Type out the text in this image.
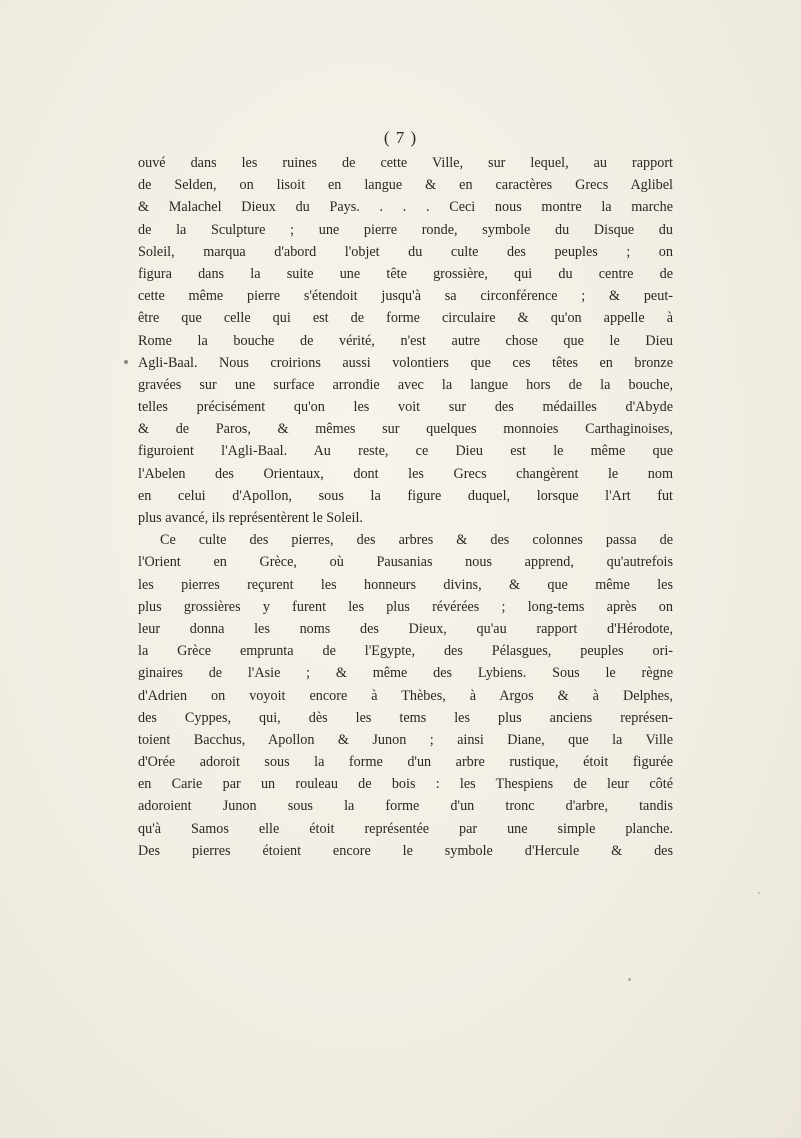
( 7 )
ouvé dans les ruines de cette Ville, sur lequel, au rapport
de Selden, on lisoit en langue & en caractères Grecs Aglibel
& Malachel Dieux du Pays. . . . Ceci nous montre la marche
de la Sculpture ; une pierre ronde, symbole du Disque du
Soleil, marqua d'abord l'objet du culte des peuples ; on
figura dans la suite une tête grossière, qui du centre de
cette même pierre s'étendoit jusqu'à sa circonférence ; & peut-
être que celle qui est de forme circulaire & qu'on appelle à
Rome la bouche de vérité, n'est autre chose que le Dieu
Agli-Baal. Nous croirions aussi volontiers que ces têtes en bronze
gravées sur une surface arrondie avec la langue hors de la bouche,
telles précisément qu'on les voit sur des médailles d'Abyde
& de Paros, & mêmes sur quelques monnoies Carthaginoises,
figuroient l'Agli-Baal. Au reste, ce Dieu est le même que
l'Abelen des Orientaux, dont les Grecs changèrent le nom
en celui d'Apollon, sous la figure duquel, lorsque l'Art fut
plus avancé, ils représentèrent le Soleil.
Ce culte des pierres, des arbres & des colonnes passa de
l'Orient en Grèce, où Pausanias nous apprend, qu'autrefois
les pierres reçurent les honneurs divins, & que même les
plus grossières y furent les plus révérées ; long-tems après on
leur donna les noms des Dieux, qu'au rapport d'Hérodote,
la Grèce emprunta de l'Egypte, des Pélasgues, peuples ori-
ginaires de l'Asie ; & même des Lybiens. Sous le règne
d'Adrien on voyoit encore à Thèbes, à Argos & à Delphes,
des Cyppes, qui, dès les tems les plus anciens représen-
toient Bacchus, Apollon & Junon ; ainsi Diane, que la Ville
d'Orée adoroit sous la forme d'un arbre rustique, étoit figurée
en Carie par un rouleau de bois : les Thespiens de leur côté
adoroient Junon sous la forme d'un tronc d'arbre, tandis
qu'à Samos elle étoit représentée par une simple planche.
Des pierres étoient encore le symbole d'Hercule & des
